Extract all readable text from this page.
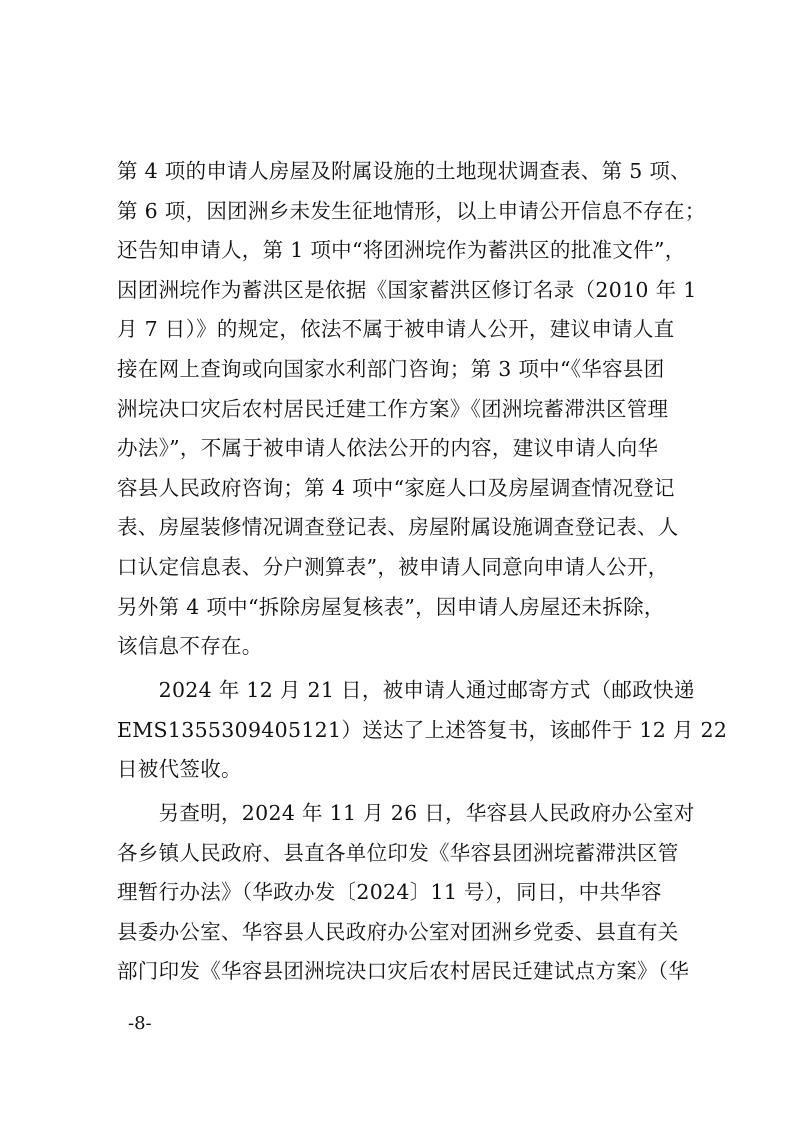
第 4 项的申请人房屋及附属设施的土地现状调查表、第 5 项、
第 6 项，因团洲乡未发生征地情形，以上申请公开信息不存在；
还告知申请人，第 1 项中“将团洲垸作为蓄洪区的批准文件”，
因团洲垸作为蓄洪区是依据《国家蓄洪区修订名录（2010 年 1
月 7 日）》的规定，依法不属于被申请人公开，建议申请人直
接在网上查询或向国家水利部门咨询；第 3 项中“《华容县团
洲垸决口灾后农村居民迁建工作方案》《团洲垸蓄滞洪区管理
办法》”，不属于被申请人依法公开的内容，建议申请人向华
容县人民政府咨询；第 4 项中“家庭人口及房屋调查情况登记
表、房屋装修情况调查登记表、房屋附属设施调查登记表、人
口认定信息表、分户测算表”，被申请人同意向申请人公开，
另外第 4 项中“拆除房屋复核表”，因申请人房屋还未拆除，
该信息不存在。
　　2024 年 12 月 21 日，被申请人通过邮寄方式（邮政快递
EMS1355309405121）送达了上述答复书，该邮件于 12 月 22
日被代签收。
　　另查明，2024 年 11 月 26 日，华容县人民政府办公室对
各乡镇人民政府、县直各单位印发《华容县团洲垸蓄滞洪区管
理暂行办法》（华政办发〔2024〕11 号），同日，中共华容
县委办公室、华容县人民政府办公室对团洲乡党委、县直有关
部门印发《华容县团洲垸决口灾后农村居民迁建试点方案》（华
-8-
